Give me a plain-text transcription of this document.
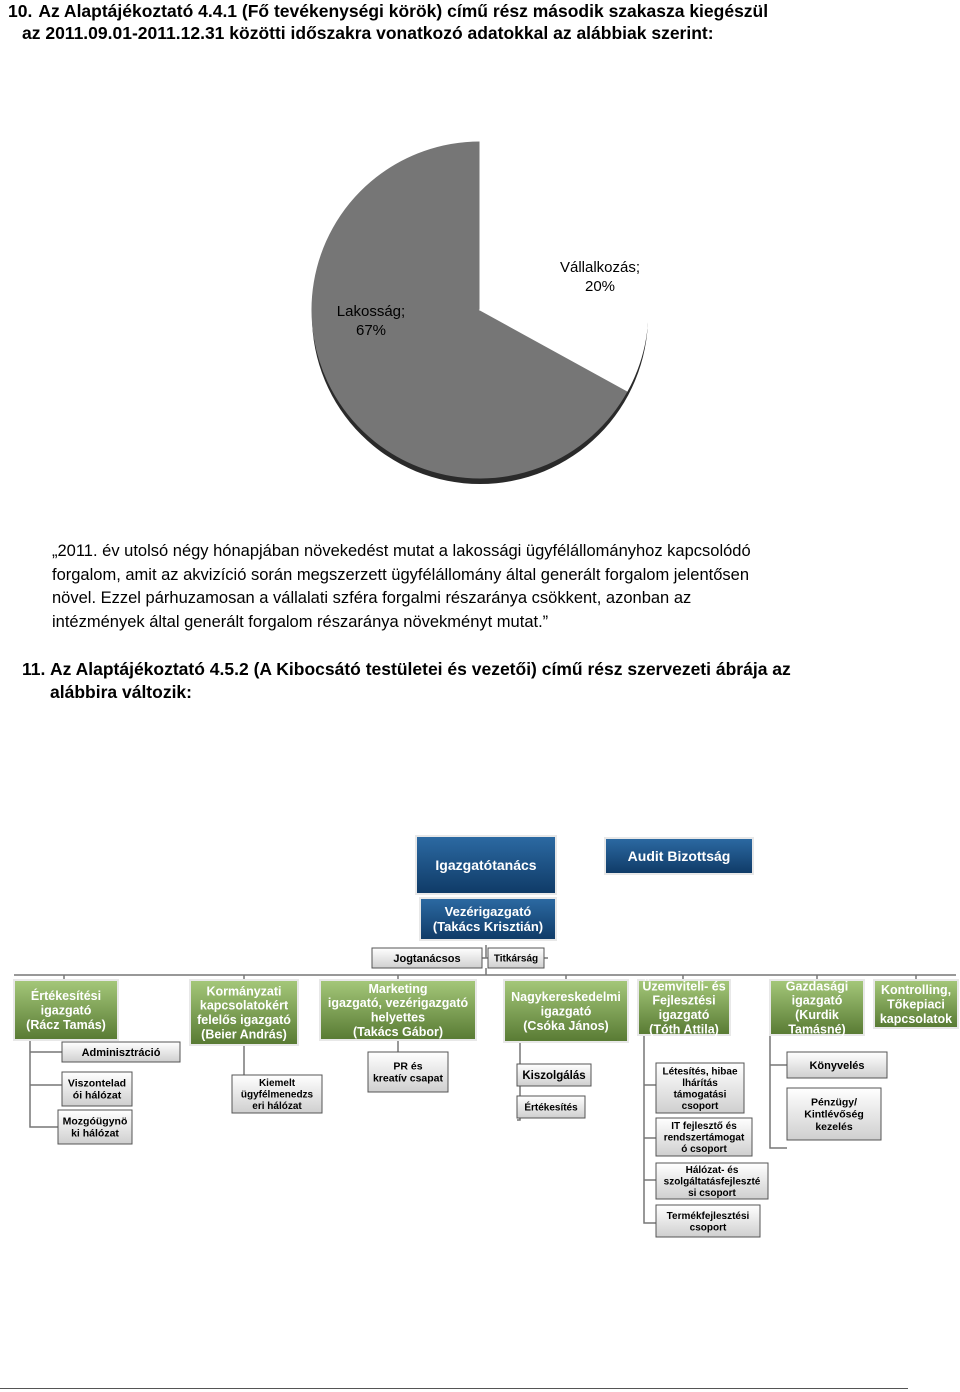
10. Az Alaptájékoztató 4.4.1 (Fő tevékenységi körök) című rész második szakasza kiegészül
az 2011.09.01-2011.12.31 közötti időszakra vonatkozó adatokkal az alábbiak szerint:
Lakosság;
67%
Vállalkozás;
20%
„2011. év utolsó négy hónapjában növekedést mutat a lakossági ügyfélállományhoz kapcsolódó
forgalom, amit az akvizíció során megszerzett ügyfélállomány által generált forgalom jelentősen
növel. Ezzel párhuzamosan a vállalati szféra forgalmi részaránya csökkent, azonban az
intézmények által generált forgalom részaránya növekményt mutat.”
11. Az Alaptájékoztató 4.5.2 (A Kibocsátó testületei és vezetői) című rész szervezeti ábrája az
alábbira változik:
Igazgatótanács
Audit Bizottság
Vezérigazgató
(Takács Krisztián)
Jogtanácsos	Titkárság
Értékesítési
igazgató
(Rácz Tamás)
Kormányzati
kapcsolatokért
felelős igazgató
(Beier András)
Marketing
igazgató, vezérigazgató
helyettes
(Takács Gábor)
Nagykereskedelmi
igazgató
(Csóka János)
Üzemviteli- és
Fejlesztési
igazgató
(Tóth Attila)
Gazdasági
igazgató
(Kurdik
Tamásné)
Kontrolling,
Tőkepiaci
kapcsolatok
Adminisztráció
Viszontelad
ói hálózat
Mozgóügynö
ki hálózat
Kiemelt
ügyfélmenedzs
eri hálózat
PR és
kreatív csapat	Kiszolgálás
Értékesítés
Létesítés, hibae
lhárítás
támogatási
csoport
IT fejlesztő és
rendszertámogat
ó csoport
Hálózat- és
szolgáltatásfejleszté
si csoport
Termékfejlesztési
csoport
Könyvelés
Pénzügy/
Kintlévőség
kezelés
